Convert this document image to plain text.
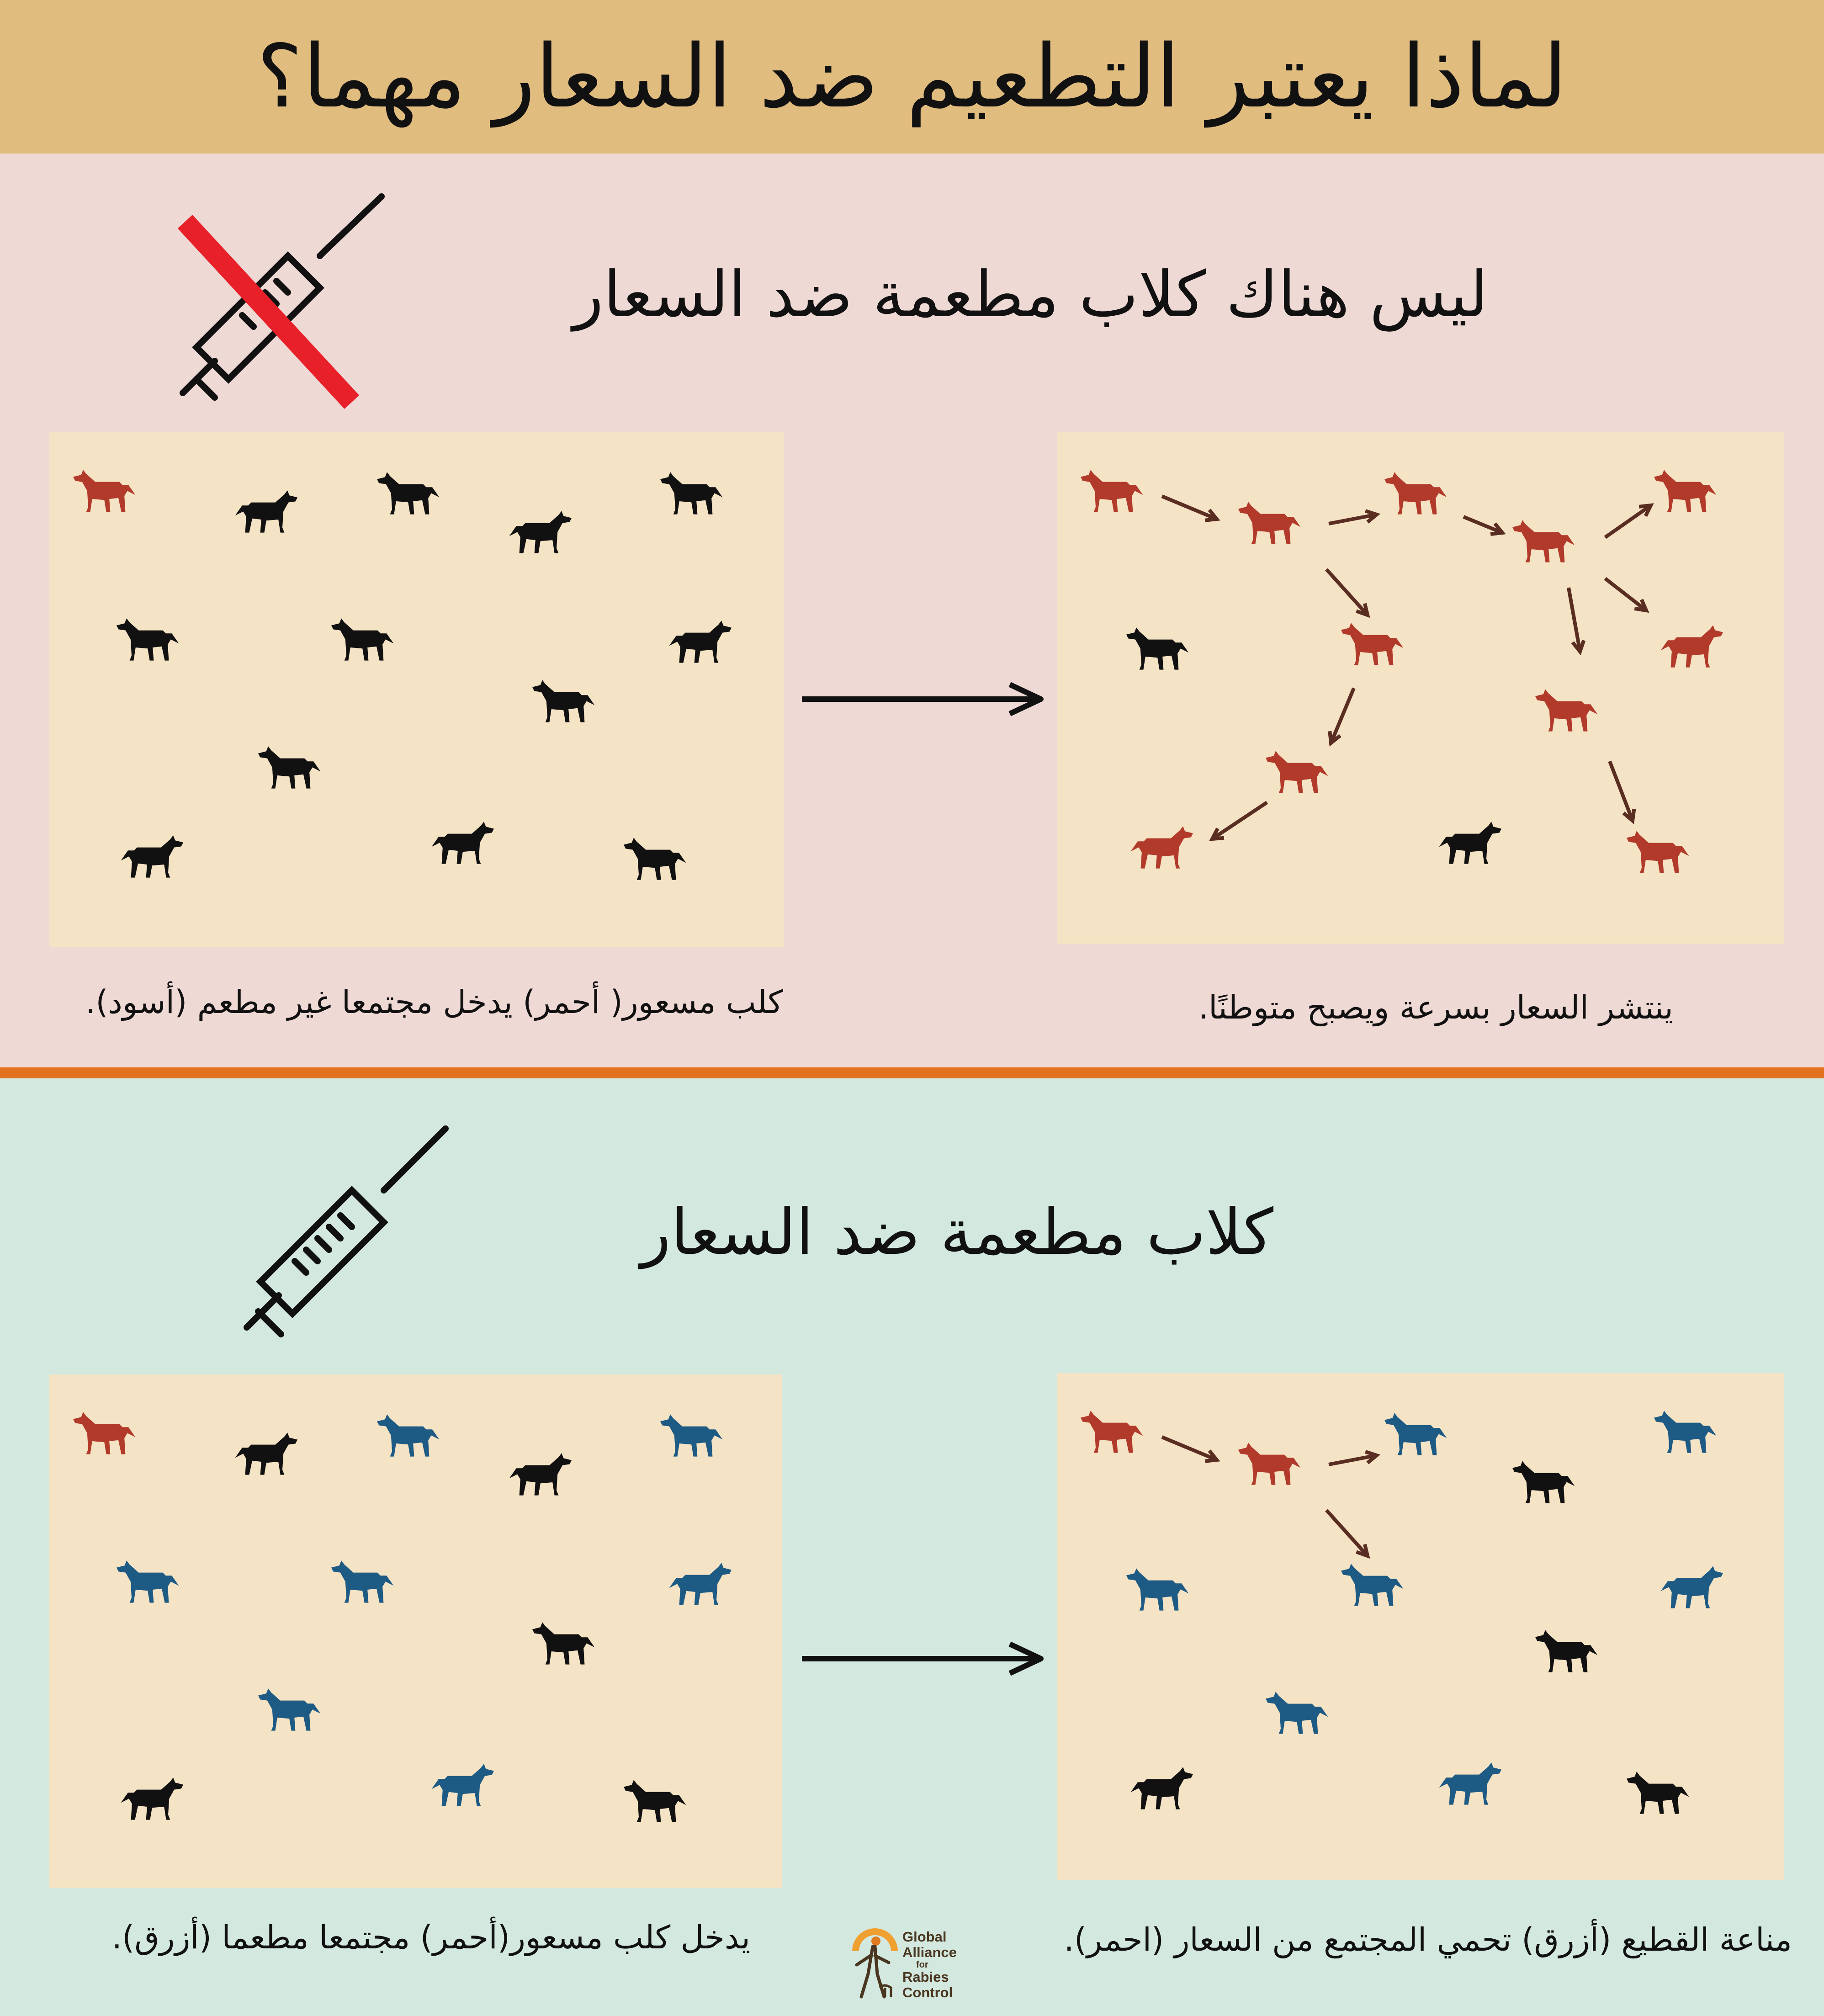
لماذا يعتبر التطعيم ضد السعار مهما؟
ليس هناك كلاب مطعمة ضد السعار
كلب مسعور( أحمر) يدخل مجتمعا غير مطعم (أسود).	ينتشر السعار بسرعة ويصبح متوطنًا.
كلاب مطعمة ضد السعار
يدخل كلب مسعور(أحمر) مجتمعا مطعما (أزرق).	مناعة القطيع (أزرق) تحمي المجتمع من السعار (احمر).
Global
Alliance
for
Rabies
Control
